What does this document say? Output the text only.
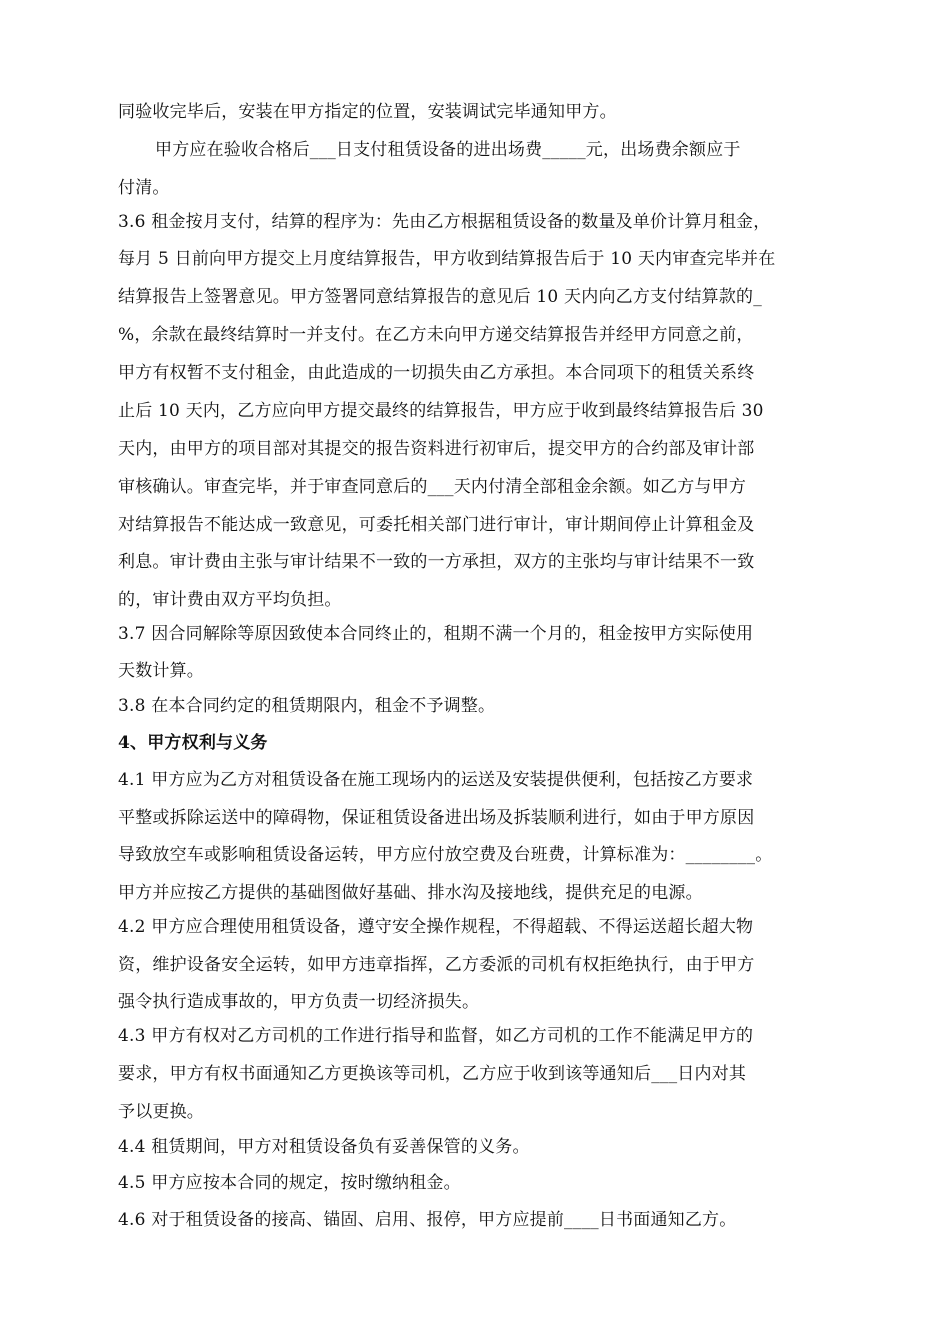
同验收完毕后，安装在甲方指定的位置，安装调试完毕通知甲方。
甲方应在验收合格后___日支付租赁设备的进出场费_____元，出场费余额应于
付清。
3.6 租金按月支付，结算的程序为：先由乙方根据租赁设备的数量及单价计算月租金，
每月 5 日前向甲方提交上月度结算报告，甲方收到结算报告后于 10 天内审查完毕并在
结算报告上签署意见。甲方签署同意结算报告的意见后 10 天内向乙方支付结算款的_
%，余款在最终结算时一并支付。在乙方未向甲方递交结算报告并经甲方同意之前，
甲方有权暂不支付租金，由此造成的一切损失由乙方承担。本合同项下的租赁关系终
止后 10 天内，乙方应向甲方提交最终的结算报告，甲方应于收到最终结算报告后 30
天内，由甲方的项目部对其提交的报告资料进行初审后，提交甲方的合约部及审计部
审核确认。审查完毕，并于审查同意后的___天内付清全部租金余额。如乙方与甲方
对结算报告不能达成一致意见，可委托相关部门进行审计，审计期间停止计算租金及
利息。审计费由主张与审计结果不一致的一方承担，双方的主张均与审计结果不一致
的，审计费由双方平均负担。
3.7 因合同解除等原因致使本合同终止的，租期不满一个月的，租金按甲方实际使用
天数计算。
3.8 在本合同约定的租赁期限内，租金不予调整。
4、甲方权利与义务
4.1 甲方应为乙方对租赁设备在施工现场内的运送及安装提供便利，包括按乙方要求
平整或拆除运送中的障碍物，保证租赁设备进出场及拆装顺利进行，如由于甲方原因
导致放空车或影响租赁设备运转，甲方应付放空费及台班费，计算标准为：________。
甲方并应按乙方提供的基础图做好基础、排水沟及接地线，提供充足的电源。
4.2 甲方应合理使用租赁设备，遵守安全操作规程，不得超载、不得运送超长超大物
资，维护设备安全运转，如甲方违章指挥，乙方委派的司机有权拒绝执行，由于甲方
强令执行造成事故的，甲方负责一切经济损失。
4.3 甲方有权对乙方司机的工作进行指导和监督，如乙方司机的工作不能满足甲方的
要求，甲方有权书面通知乙方更换该等司机，乙方应于收到该等通知后___日内对其
予以更换。
4.4 租赁期间，甲方对租赁设备负有妥善保管的义务。
4.5 甲方应按本合同的规定，按时缴纳租金。
4.6 对于租赁设备的接高、锚固、启用、报停，甲方应提前____日书面通知乙方。
